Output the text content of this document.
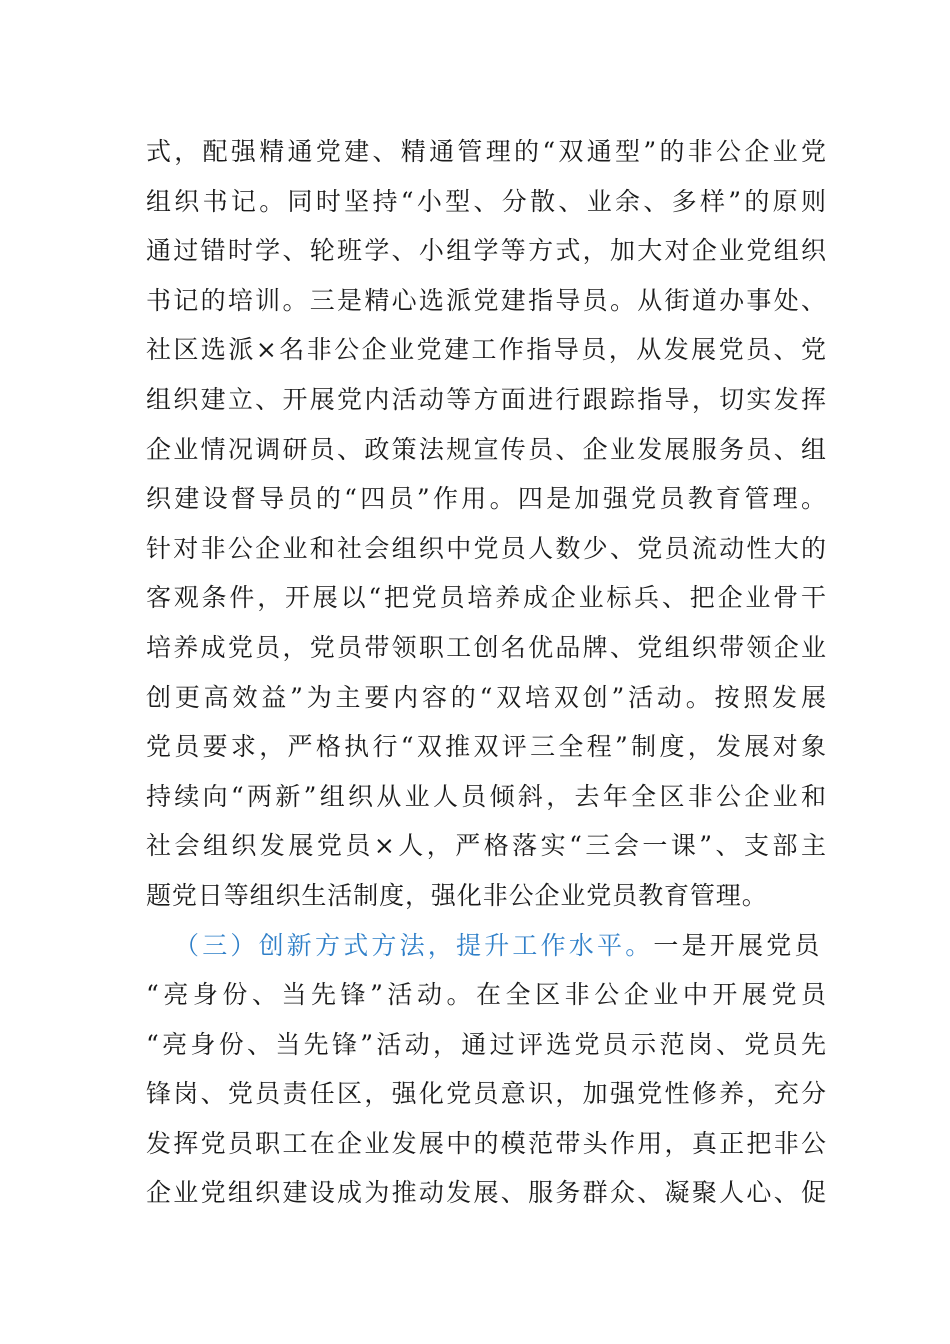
式，配强精通党建、精通管理的“双通型”的非公企业党
组织书记。同时坚持“小型、分散、业余、多样”的原则
通过错时学、轮班学、小组学等方式，加大对企业党组织
书记的培训。三是精心选派党建指导员。从街道办事处、
社区选派×名非公企业党建工作指导员，从发展党员、党
组织建立、开展党内活动等方面进行跟踪指导，切实发挥
企业情况调研员、政策法规宣传员、企业发展服务员、组
织建设督导员的“四员”作用。四是加强党员教育管理。
针对非公企业和社会组织中党员人数少、党员流动性大的
客观条件，开展以“把党员培养成企业标兵、把企业骨干
培养成党员，党员带领职工创名优品牌、党组织带领企业
创更高效益”为主要内容的“双培双创”活动。按照发展
党员要求，严格执行“双推双评三全程”制度，发展对象
持续向“两新”组织从业人员倾斜，去年全区非公企业和
社会组织发展党员×人，严格落实“三会一课”、支部主
题党日等组织生活制度，强化非公企业党员教育管理。
（三）创新方式方法，提升工作水平。一是开展党员
“亮身份、当先锋”活动。在全区非公企业中开展党员
“亮身份、当先锋”活动，通过评选党员示范岗、党员先
锋岗、党员责任区，强化党员意识，加强党性修养，充分
发挥党员职工在企业发展中的模范带头作用，真正把非公
企业党组织建设成为推动发展、服务群众、凝聚人心、促
